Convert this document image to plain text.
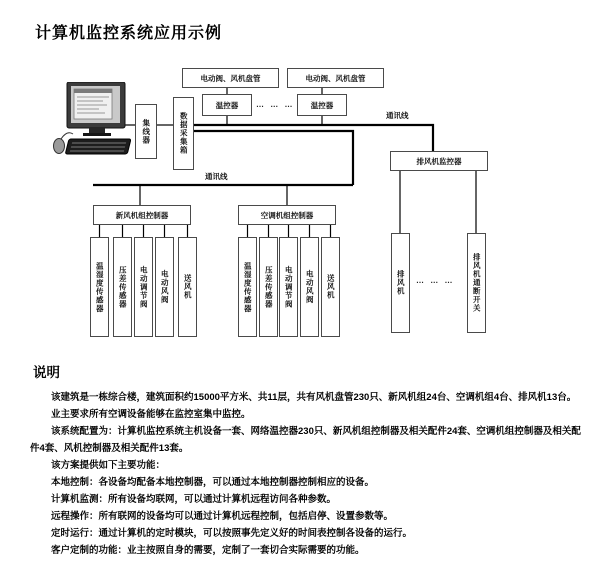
计算机监控系统应用示例
电动阀、风机盘管	电动阀、风机盘管
温控器	温控器
… … …
集线器	数据采集箱	通讯线
通讯线
排风机监控器
新风机组控制器	空调机组控制器
温湿度传感器	压差传感器	电动调节阀	电动风阀	送风机	温湿度传感器	压差传感器	电动调节阀	电动风阀	送风机	排风机	排风机通断开关
… … …
说明
该建筑是一栋综合楼，建筑面积约15000平方米、共11层，共有风机盘管230只、新风机组24台、空调机组4台、排风机13台。
业主要求所有空调设备能够在监控室集中监控。
该系统配置为：计算机监控系统主机设备一套、网络温控器230只、新风机组控制器及相关配件24套、空调机组控制器及相关配
件4套、风机控制器及相关配件13套。
该方案提供如下主要功能：
本地控制：各设备均配备本地控制器，可以通过本地控制器控制相应的设备。
计算机监测：所有设备均联网，可以通过计算机远程访问各种参数。
远程操作：所有联网的设备均可以通过计算机远程控制，包括启停、设置参数等。
定时运行：通过计算机的定时模块，可以按照事先定义好的时间表控制各设备的运行。
客户定制的功能：业主按照自身的需要，定制了一套切合实际需要的功能。
